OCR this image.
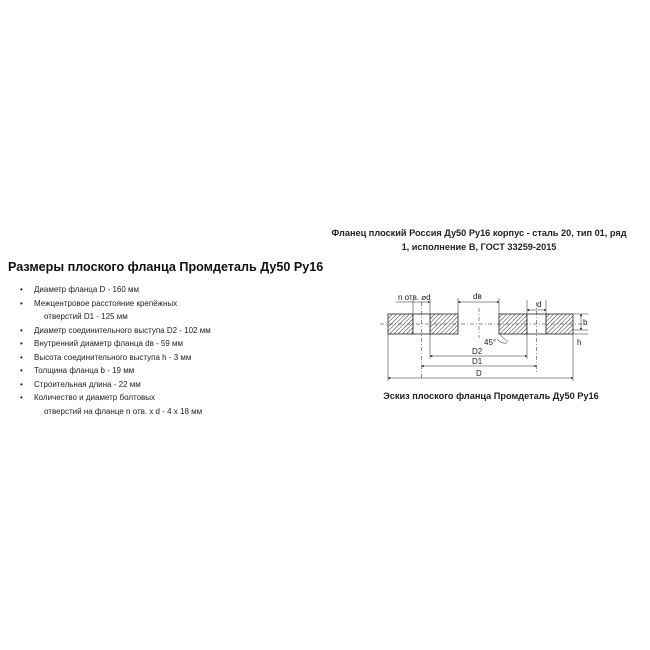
Фланец плоский Россия Ду50 Ру16 корпус - сталь 20, тип 01, ряд
1, исполнение В, ГОСТ 33259-2015
Размеры плоского фланца Промдеталь Ду50 Ру16
• Диаметр фланца D - 160 мм
• Межцентровое расстояние крепёжных
отверстий D1 - 125 мм
• Диаметр соединительного выступа D2 - 102 мм
• Внутренний диаметр фланца dв - 59 мм
• Высота соединительного выступа h - 3 мм
• Толщина фланца b - 19 мм
• Строительная длина - 22 мм
• Количество и диаметр болтовых
отверстий на фланце n отв. x d - 4 x 18 мм
n отв. ⌀d	dв
d
b
h
45°
D2
D1
D
Эскиз плоского фланца Промдеталь Ду50 Ру16
